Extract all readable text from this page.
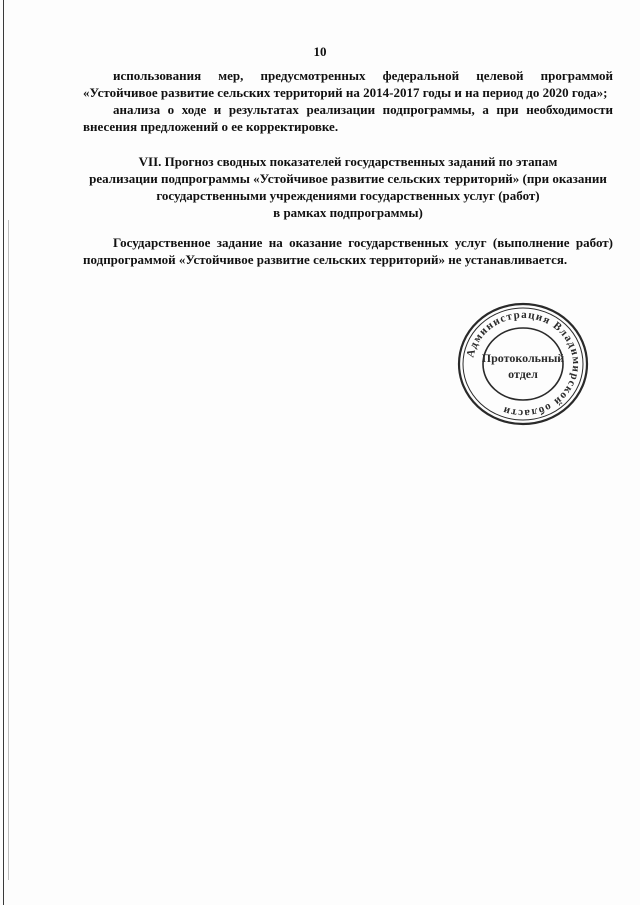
10

использования мер, предусмотренных федеральной целевой программой «Устойчивое развитие сельских территорий на 2014-2017 годы и на период до 2020 года»;

анализа о ходе и результатах реализации подпрограммы, а при необходимости внесения предложений о ее корректировке.

VII. Прогноз сводных показателей государственных заданий по этапам
реализации подпрограммы «Устойчивое развитие сельских территорий» (при оказании
государственными учреждениями государственных услуг (работ)
в рамках подпрограммы)

Государственное задание на оказание государственных услуг (выполнение работ) подпрограммой «Устойчивое развитие сельских территорий» не устанавливается.

Администрация Владимирской области
Протокольный
отдел
